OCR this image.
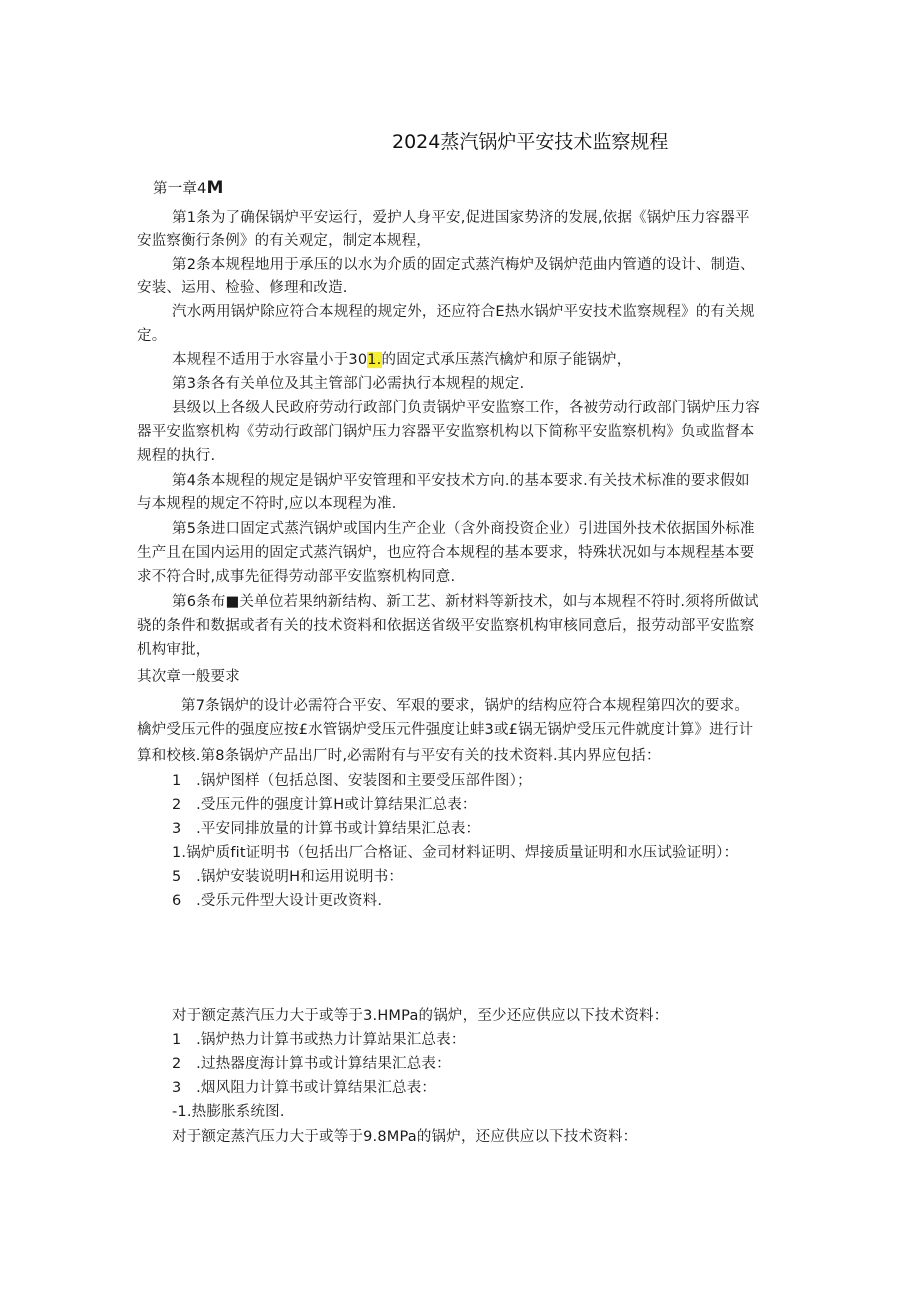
2024蒸汽锅炉平安技术监察规程
第一章4M
第1条为了确保锅炉平安运行，爱护人身平安,促进国家势济的发展,依据《锅炉压力容器平
安监察衡行条例》的有关观定，制定本规程，
第2条本规程地用于承压的以水为介质的固定式蒸汽梅炉及锅炉范曲内管遒的设计、制造、
安装、运用、检验、修理和改造.
汽水两用锅炉除应符合本规程的规定外，还应符合E热水锅炉平安技术监察规程》的有关规
定。
本规程不适用于水容量小于301.的固定式承压蒸汽檎炉和原子能锅炉，
第3条各有关单位及其主管部门必需执行本规程的规定.
县级以上各级人民政府劳动行政部门负责锅炉平安监察工作，各被劳动行政部门锅炉压力容
器平安监察机构《劳动行政部门锅炉压力容器平安监察机构以下简称平安监察机构》负或监督本
规程的执行.
第4条本规程的规定是锅炉平安管理和平安技术方向.的基本要求.有关技术标准的要求假如
与本规程的规定不符时,应以本现程为准.
第5条进口固定式蒸汽锅炉或国内生产企业（含外商投资企业）引进国外技术依据国外标准
生产且在国内运用的固定式蒸汽锅炉，也应符合本规程的基本要求，特殊状况如与本规程基本要
求不符合时,成事先征得劳动部平安监察机构同意.
第6条布■关单位若果纳新结构、新工艺、新材料等新技术，如与本规程不符时.须将所做试
骁的条件和数据或者有关的技术资料和依据送省级平安监察机构审核同意后，报劳动部平安监察
机构审批，
其次章一般要求
第7条锅炉的设计必需符合平安、军艰的要求，锅炉的结构应符合本规程第四次的要求。
檎炉受压元件的强度应按£水管锅炉受压元件强度让蚌3或£锅无锅炉受压元件就度计算》进行计
算和校核.第8条锅炉产品出厂时,必需附有与平安有关的技术资料.其内界应包括：
1 .锅炉图样（包括总图、安装图和主要受压部件图）；
2 .受压元件的强度计算H或计算结果汇总表：
3 .平安同排放量的计算书或计算结果汇总表：
1.锅炉质fit证明书（包括出厂合格证、金司材料证明、焊接质量证明和水压试验证明）：
5 .锅炉安装说明H和运用说明书：
6 .受乐元件型大设计更改资料.
对于额定蒸汽压力大于或等于3.HMPa的锅炉，至少还应供应以下技术资料：
1 .锅炉热力计算书或热力计算站果汇总表：
2 .过热器度海计算书或计算结果汇总表：
3 .烟风阻力计算书或计算结果汇总表：
-1.热膨胀系统图.
对于额定蒸汽压力大于或等于9.8MPa的锅炉，还应供应以下技术资料：
